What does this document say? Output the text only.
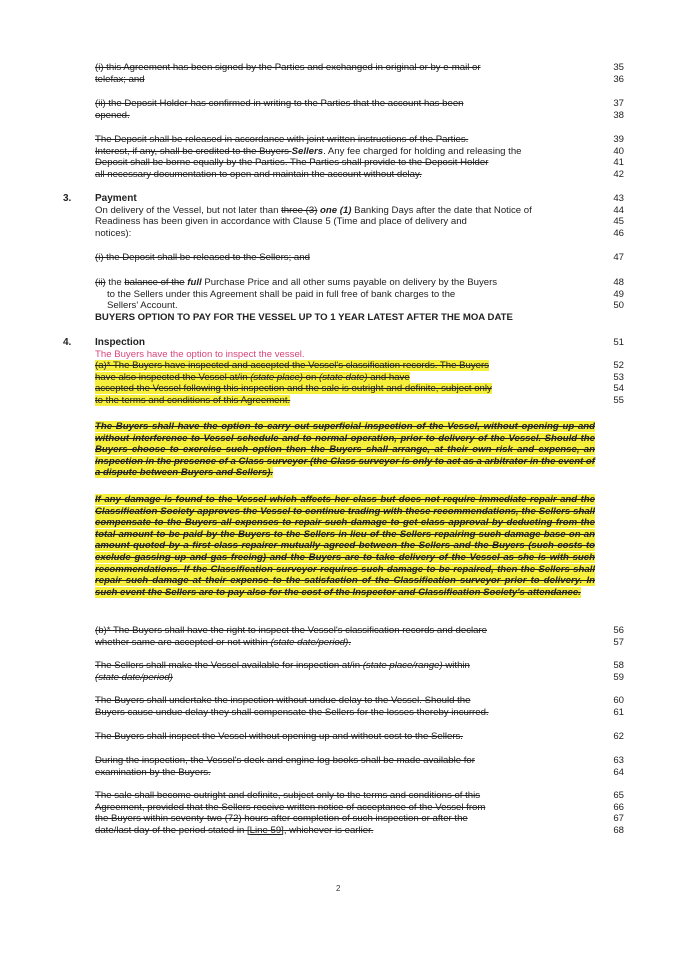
(i) this Agreement has been signed by the Parties and exchanged in original or by e-mail or

telefax; and

35
36

(ii) the Deposit Holder has confirmed in writing to the Parties that the account has been

opened.

37
38

The Deposit shall be released in accordance with joint written instructions of the Parties.

Interest, if any, shall be credited to the Buyers Sellers. Any fee charged for holding and releasing the

Deposit shall be borne equally by the Parties. The Parties shall provide to the Deposit Holder

all necessary documentation to open and maintain the account without delay.

39
40
41
42
3. Payment

On delivery of the Vessel, but not later than three (3) one (1) Banking Days after the date that Notice of

Readiness has been given in accordance with Clause 5 (Time and place of delivery and

notices):

43
44
45
46

(i) the Deposit shall be released to the Sellers; and	47

(ii) the balance of the full Purchase Price and all other sums payable on delivery by the Buyers

to the Sellers under this Agreement shall be paid in full free of bank charges to the

Sellers' Account.

BUYERS OPTION TO PAY FOR THE VESSEL UP TO 1 YEAR LATEST AFTER THE MOA DATE

48
49
50
4. Inspection

The Buyers have the option to inspect the vessel.

51

(a)* The Buyers have inspected and accepted the Vessel's classification records. The Buyers

have also inspected the Vessel at/in (state place) on (state date) and have

accepted the Vessel following this inspection and the sale is outright and definite, subject only

to the terms and conditions of this Agreement.

52
53
54
55

The Buyers shall have the option to carry out superficial inspection of the Vessel, without opening up and without interference to Vessel schedule and to normal operation, prior to delivery of the Vessel. Should the Buyers choose to exercise such option then the Buyers shall arrange, at their own risk and expense, an inspection in the presence of a Class surveyor (the Class surveyor is only to act as a arbitrator in the event of a dispute between Buyers and Sellers).

If any damage is found to the Vessel which affects her class but does not require immediate repair and the Classification Society approves the Vessel to continue trading with these recommendations, the Sellers shall compensate to the Buyers all expenses to repair such damage to get class approval by deducting from the total amount to be paid by the Buyers to the Sellers in lieu of the Sellers repairing such damage base on an amount quoted by a first class repairer mutually agreed between the Sellers and the Buyers (such costs to exclude gassing up and gas freeing) and the Buyers are to take delivery of the Vessel as she is with such recommendations. If the Classification surveyor requires such damage to be repaired, then the Sellers shall repair such damage at their expense to the satisfaction of the Classification surveyor prior to delivery. In such event the Sellers are to pay also for the cost of the Inspector and Classification Society's attendance.

(b)* The Buyers shall have the right to inspect the Vessel's classification records and declare

whether same are accepted or not within (state date/period).

56
57

The Sellers shall make the Vessel available for inspection at/in (state place/range) within

(state date/period)

58
59

The Buyers shall undertake the inspection without undue delay to the Vessel. Should the

Buyers cause undue delay they shall compensate the Sellers for the losses thereby incurred.

60
61

The Buyers shall inspect the Vessel without opening up and without cost to the Sellers.	62

During the inspection, the Vessel's deck and engine log books shall be made available for

examination by the Buyers.

63
64

The sale shall become outright and definite, subject only to the terms and conditions of this

Agreement, provided that the Sellers receive written notice of acceptance of the Vessel from

the Buyers within seventy-two (72) hours after completion of such inspection or after the

date/last day of the period stated in [Line 59], whichever is earlier.

65
66
67
68
2
